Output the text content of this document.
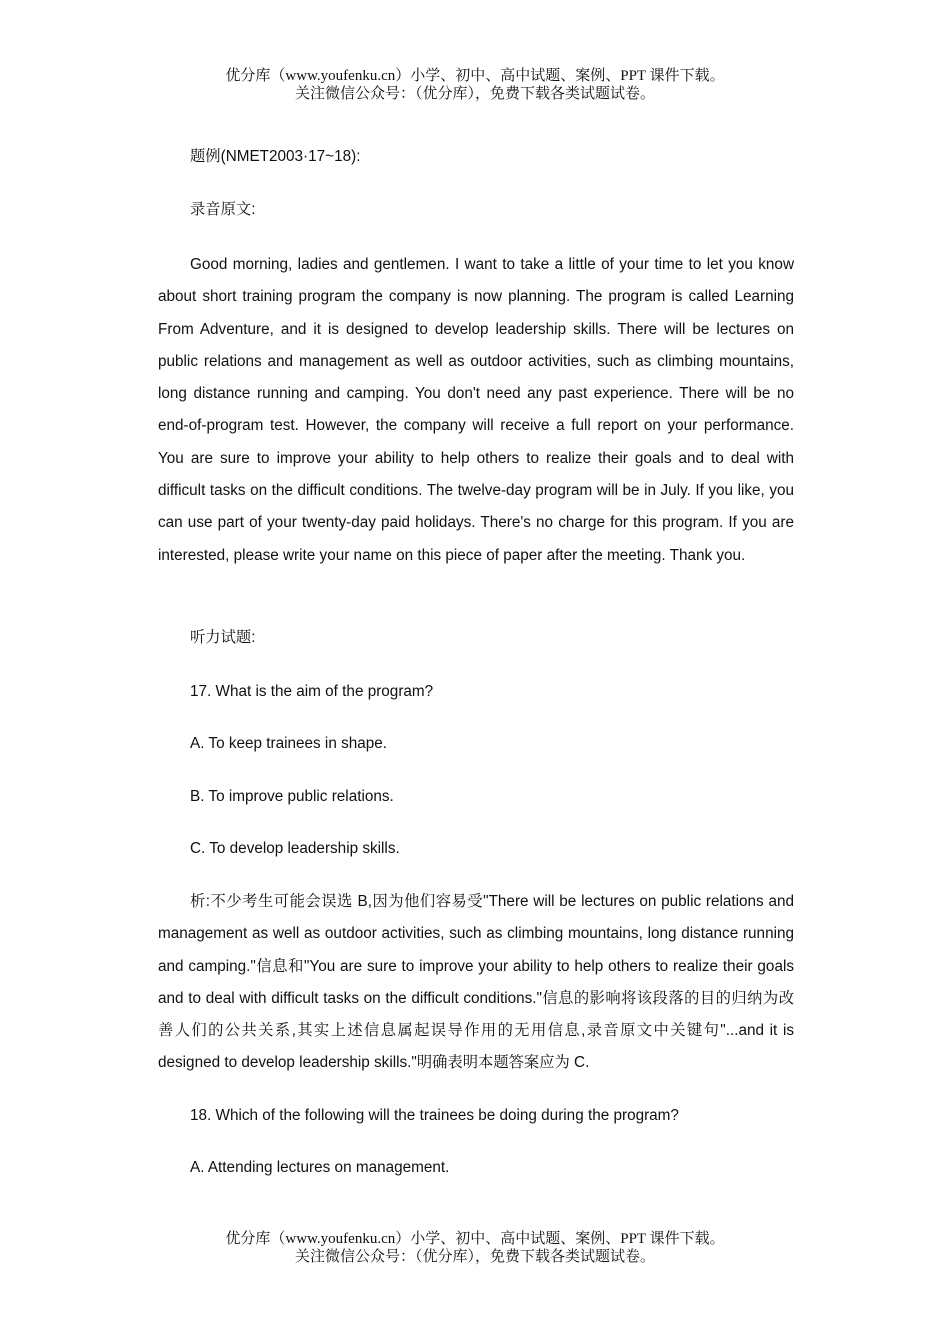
优分库（www.youfenku.cn）小学、初中、高中试题、案例、PPT 课件下载。
关注微信公众号：（优分库），免费下载各类试题试卷。
题例(NMET2003·17~18):
录音原文:
Good morning, ladies and gentlemen. I want to take a little of your time to let you know about short training program the company is now planning. The program is called Learning From Adventure, and it is designed to develop leadership skills. There will be lectures on public relations and management as well as outdoor activities, such as climbing mountains, long distance running and camping. You don't need any past experience. There will be no end-of-program test. However, the company will receive a full report on your performance. You are sure to improve your ability to help others to realize their goals and to deal with difficult tasks on the difficult conditions. The twelve-day program will be in July. If you like, you can use part of your twenty-day paid holidays. There's no charge for this program. If you are interested, please write your name on this piece of paper after the meeting. Thank you.
听力试题:
17. What is the aim of the program?
A. To keep trainees in shape.
B. To improve public relations.
C. To develop leadership skills.
析:不少考生可能会误选 B,因为他们容易受"There will be lectures on public relations and management as well as outdoor activities, such as climbing mountains, long distance running and camping."信息和"You are sure to improve your ability to help others to realize their goals and to deal with difficult tasks on the difficult conditions."信息的影响将该段落的目的归纳为改善人们的公共关系,其实上述信息属起误导作用的无用信息,录音原文中关键句"...and it is designed to develop leadership skills."明确表明本题答案应为 C.
18. Which of the following will the trainees be doing during the program?
A. Attending lectures on management.
优分库（www.youfenku.cn）小学、初中、高中试题、案例、PPT 课件下载。
关注微信公众号：（优分库），免费下载各类试题试卷。
